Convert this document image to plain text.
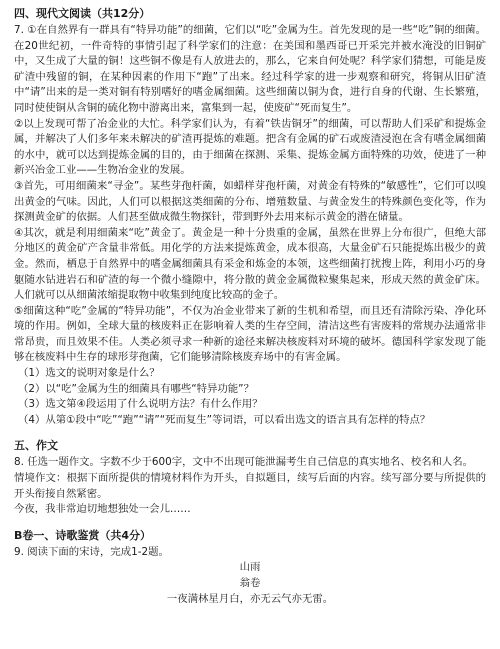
四、现代文阅读（共12分）

7. ①在自然界有一群具有“特异功能”的细菌，它们以“吃”金属为生。首先发现的是一些“吃”铜的细菌。在20世纪初，一件奇特的事情引起了科学家们的注意：在美国和墨西哥已开采完并被水淹没的旧铜矿中，又生成了大量的铜！这些铜不像是有人放进去的，那么，它来自何处呢？科学家们猜想，可能是废矿渣中残留的铜，在某种因素的作用下“跑”了出来。经过科学家的进一步观察和研究，将铜从旧矿渣中“请”出来的是一类对铜有特别嗜好的嗜金属细菌。这些细菌以铜为食，进行自身的代谢、生长繁殖，同时使使铜从含铜的硫化物中游离出来，富集到一起，使废矿“死而复生”。

②以上发现可帮了冶金业的大忙。科学家们认为，有着“铁齿铜牙”的细菌，可以帮助人们采矿和提炼金属，并解决了人们多年来未解决的矿渣再提炼的难题。把含有金属的矿石或废渣浸泡在含有嗜金属细菌的水中，就可以达到提炼金属的目的，由于细菌在探测、采集、提炼金属方面特殊的功效，使进了一种新兴冶金工业——生物冶金业的发展。

③首先，可用细菌来“寻金”。某些芽孢杆菌，如蜡样芽孢杆菌，对黄金有特殊的“敏感性”，它们可以嗅出黄金的气味。因此，人们可以根据这类细菌的分布、增殖数量、与黄金发生的特殊颜色变化等，作为探测黄金矿的依据。人们甚至做成微生物探针，带到野外去用来标示黄金的潜在储量。

④其次，就是利用细菌来“吃”黄金了。黄金是一种十分贵重的金属，虽然在世界上分布很广，但绝大部分地区的黄金矿产含量非常低。用化学的方法来提炼黄金，成本很高，大量金矿石只能提炼出极少的黄金。然而，栖息于自然界中的嗜金属细菌具有采金和炼金的本领，这些细菌打扰搜上阵，利用小巧的身躯随水钻进岩石和矿渣的每一个微小缝隙中，将分散的黄金金属微粒聚集起来，形成天然的黄金矿床。人们就可以从细菌浓缩提取物中收集到纯度比较高的金子。

⑤细菌这种“吃”金属的“特异功能”，不仅为冶金业带来了新的生机和希望，而且还有清除污染、净化环境的作用。例如，全球大量的核废料正在影响着人类的生存空间，清洁这些有害废料的常规办法通常非常昂贵，而且效果不佳。人类必须寻求一种新的途径来解决核废料对环境的破坏。德国科学家发现了能够在核废料中生存的球形芽孢菌，它们能够清除核废弃场中的有害金属。

（1）选文的说明对象是什么？

（2）以“吃”金属为生的细菌具有哪些“特异功能”？

（3）选文第④段运用了什么说明方法？有什么作用？

（4）从第①段中“吃”“跑”“请”“死而复生”等词语，可以看出选文的语言具有怎样的特点？

五、作文

8. 任选一题作文。字数不少于600字，文中不出现可能泄漏考生自己信息的真实地名、校名和人名。

情境作文：根据下面所提供的情境材料作为开头，自拟题目，续写后面的内容。续写部分要与所提供的开头衔接自然紧密。

今夜，我非常迫切地想独处一会儿……

B卷一、诗歌鉴赏（共4分）

9. 阅读下面的宋诗，完成1-2题。

山雨

翁卷

一夜满林星月白，亦无云气亦无雷。
